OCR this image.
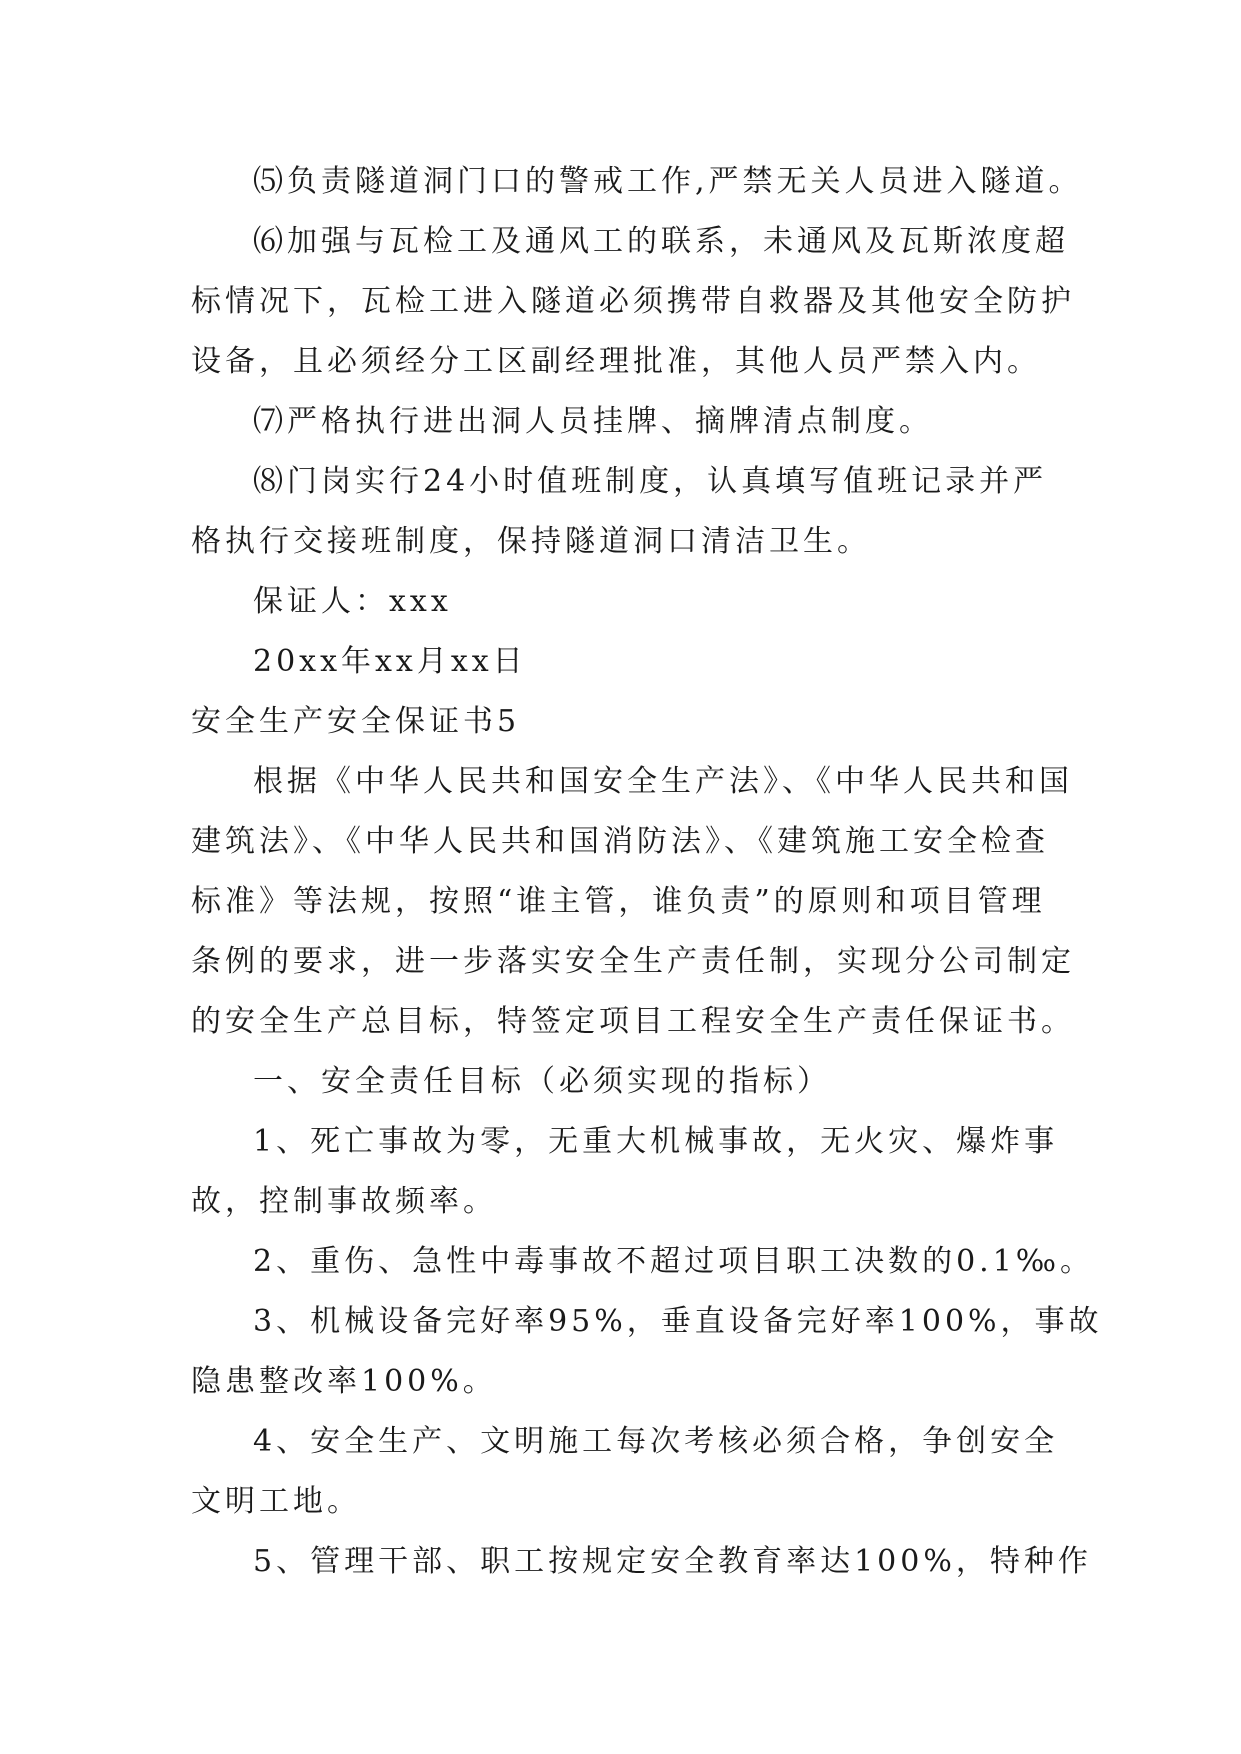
⑸负责隧道洞门口的警戒工作,严禁无关人员进入隧道。
⑹加强与瓦检工及通风工的联系，未通风及瓦斯浓度超
标情况下，瓦检工进入隧道必须携带自救器及其他安全防护
设备，且必须经分工区副经理批准，其他人员严禁入内。
⑺严格执行进出洞人员挂牌、摘牌清点制度。
⑻门岗实行24小时值班制度，认真填写值班记录并严
格执行交接班制度，保持隧道洞口清洁卫生。
保证人：xxx
20xx年xx月xx日
安全生产安全保证书5
根据《中华人民共和国安全生产法》、《中华人民共和国
建筑法》、《中华人民共和国消防法》、《建筑施工安全检查
标准》等法规，按照“谁主管，谁负责”的原则和项目管理
条例的要求，进一步落实安全生产责任制，实现分公司制定
的安全生产总目标，特签定项目工程安全生产责任保证书。
一、安全责任目标（必须实现的指标）
1、死亡事故为零，无重大机械事故，无火灾、爆炸事
故，控制事故频率。
2、重伤、急性中毒事故不超过项目职工决数的0.1‰。
3、机械设备完好率95%，垂直设备完好率100%，事故
隐患整改率100%。
4、安全生产、文明施工每次考核必须合格，争创安全
文明工地。
5、管理干部、职工按规定安全教育率达100%，特种作
